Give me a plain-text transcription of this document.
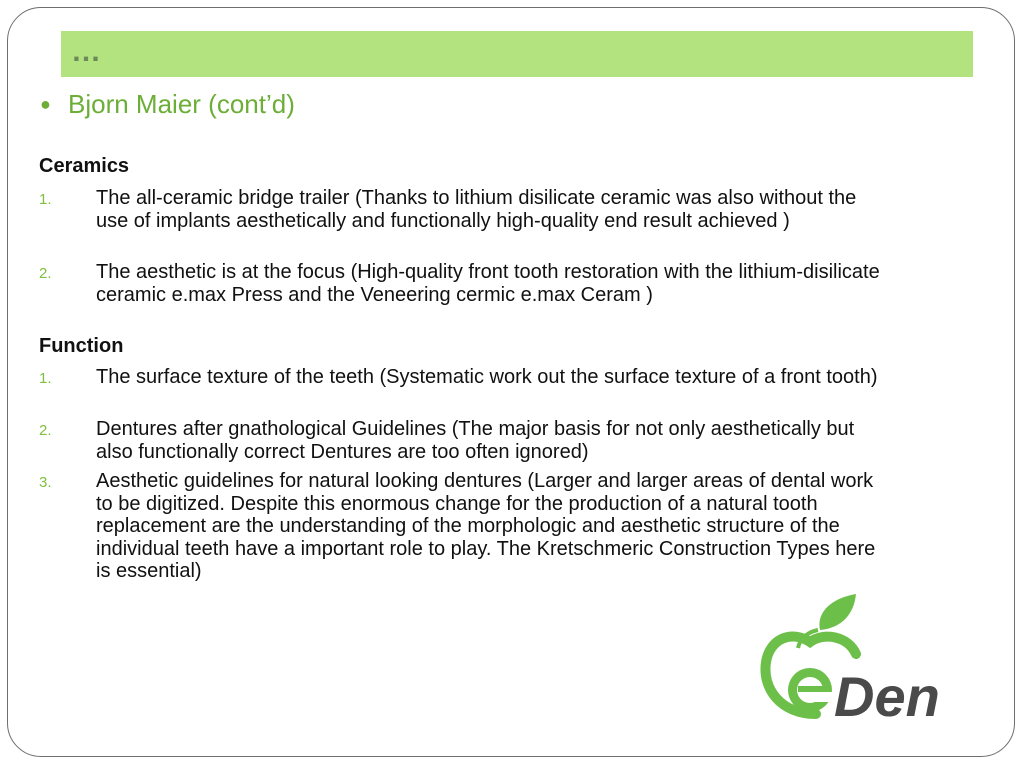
…
● Bjorn Maier (cont’d)
Ceramics
1. The all-ceramic bridge trailer (Thanks to lithium disilicate ceramic was also without the use of implants aesthetically and functionally high-quality end result achieved )
2. The aesthetic is at the focus (High-quality front tooth restoration with the lithium-disilicate ceramic e.max Press and the Veneering cermic e.max Ceram )
Function
1. The surface texture of the teeth (Systematic work out the surface texture of a front tooth)
2. Dentures after gnathological Guidelines (The major basis for not only aesthetically but also functionally correct Dentures are too often ignored)
3. Aesthetic guidelines for natural looking dentures (Larger and larger areas of dental work to be digitized. Despite this enormous change for the production of a natural tooth replacement are the understanding of the morphologic and aesthetic structure of the individual teeth have a important role to play. The Kretschmeric Construction Types here is essential)
Den
